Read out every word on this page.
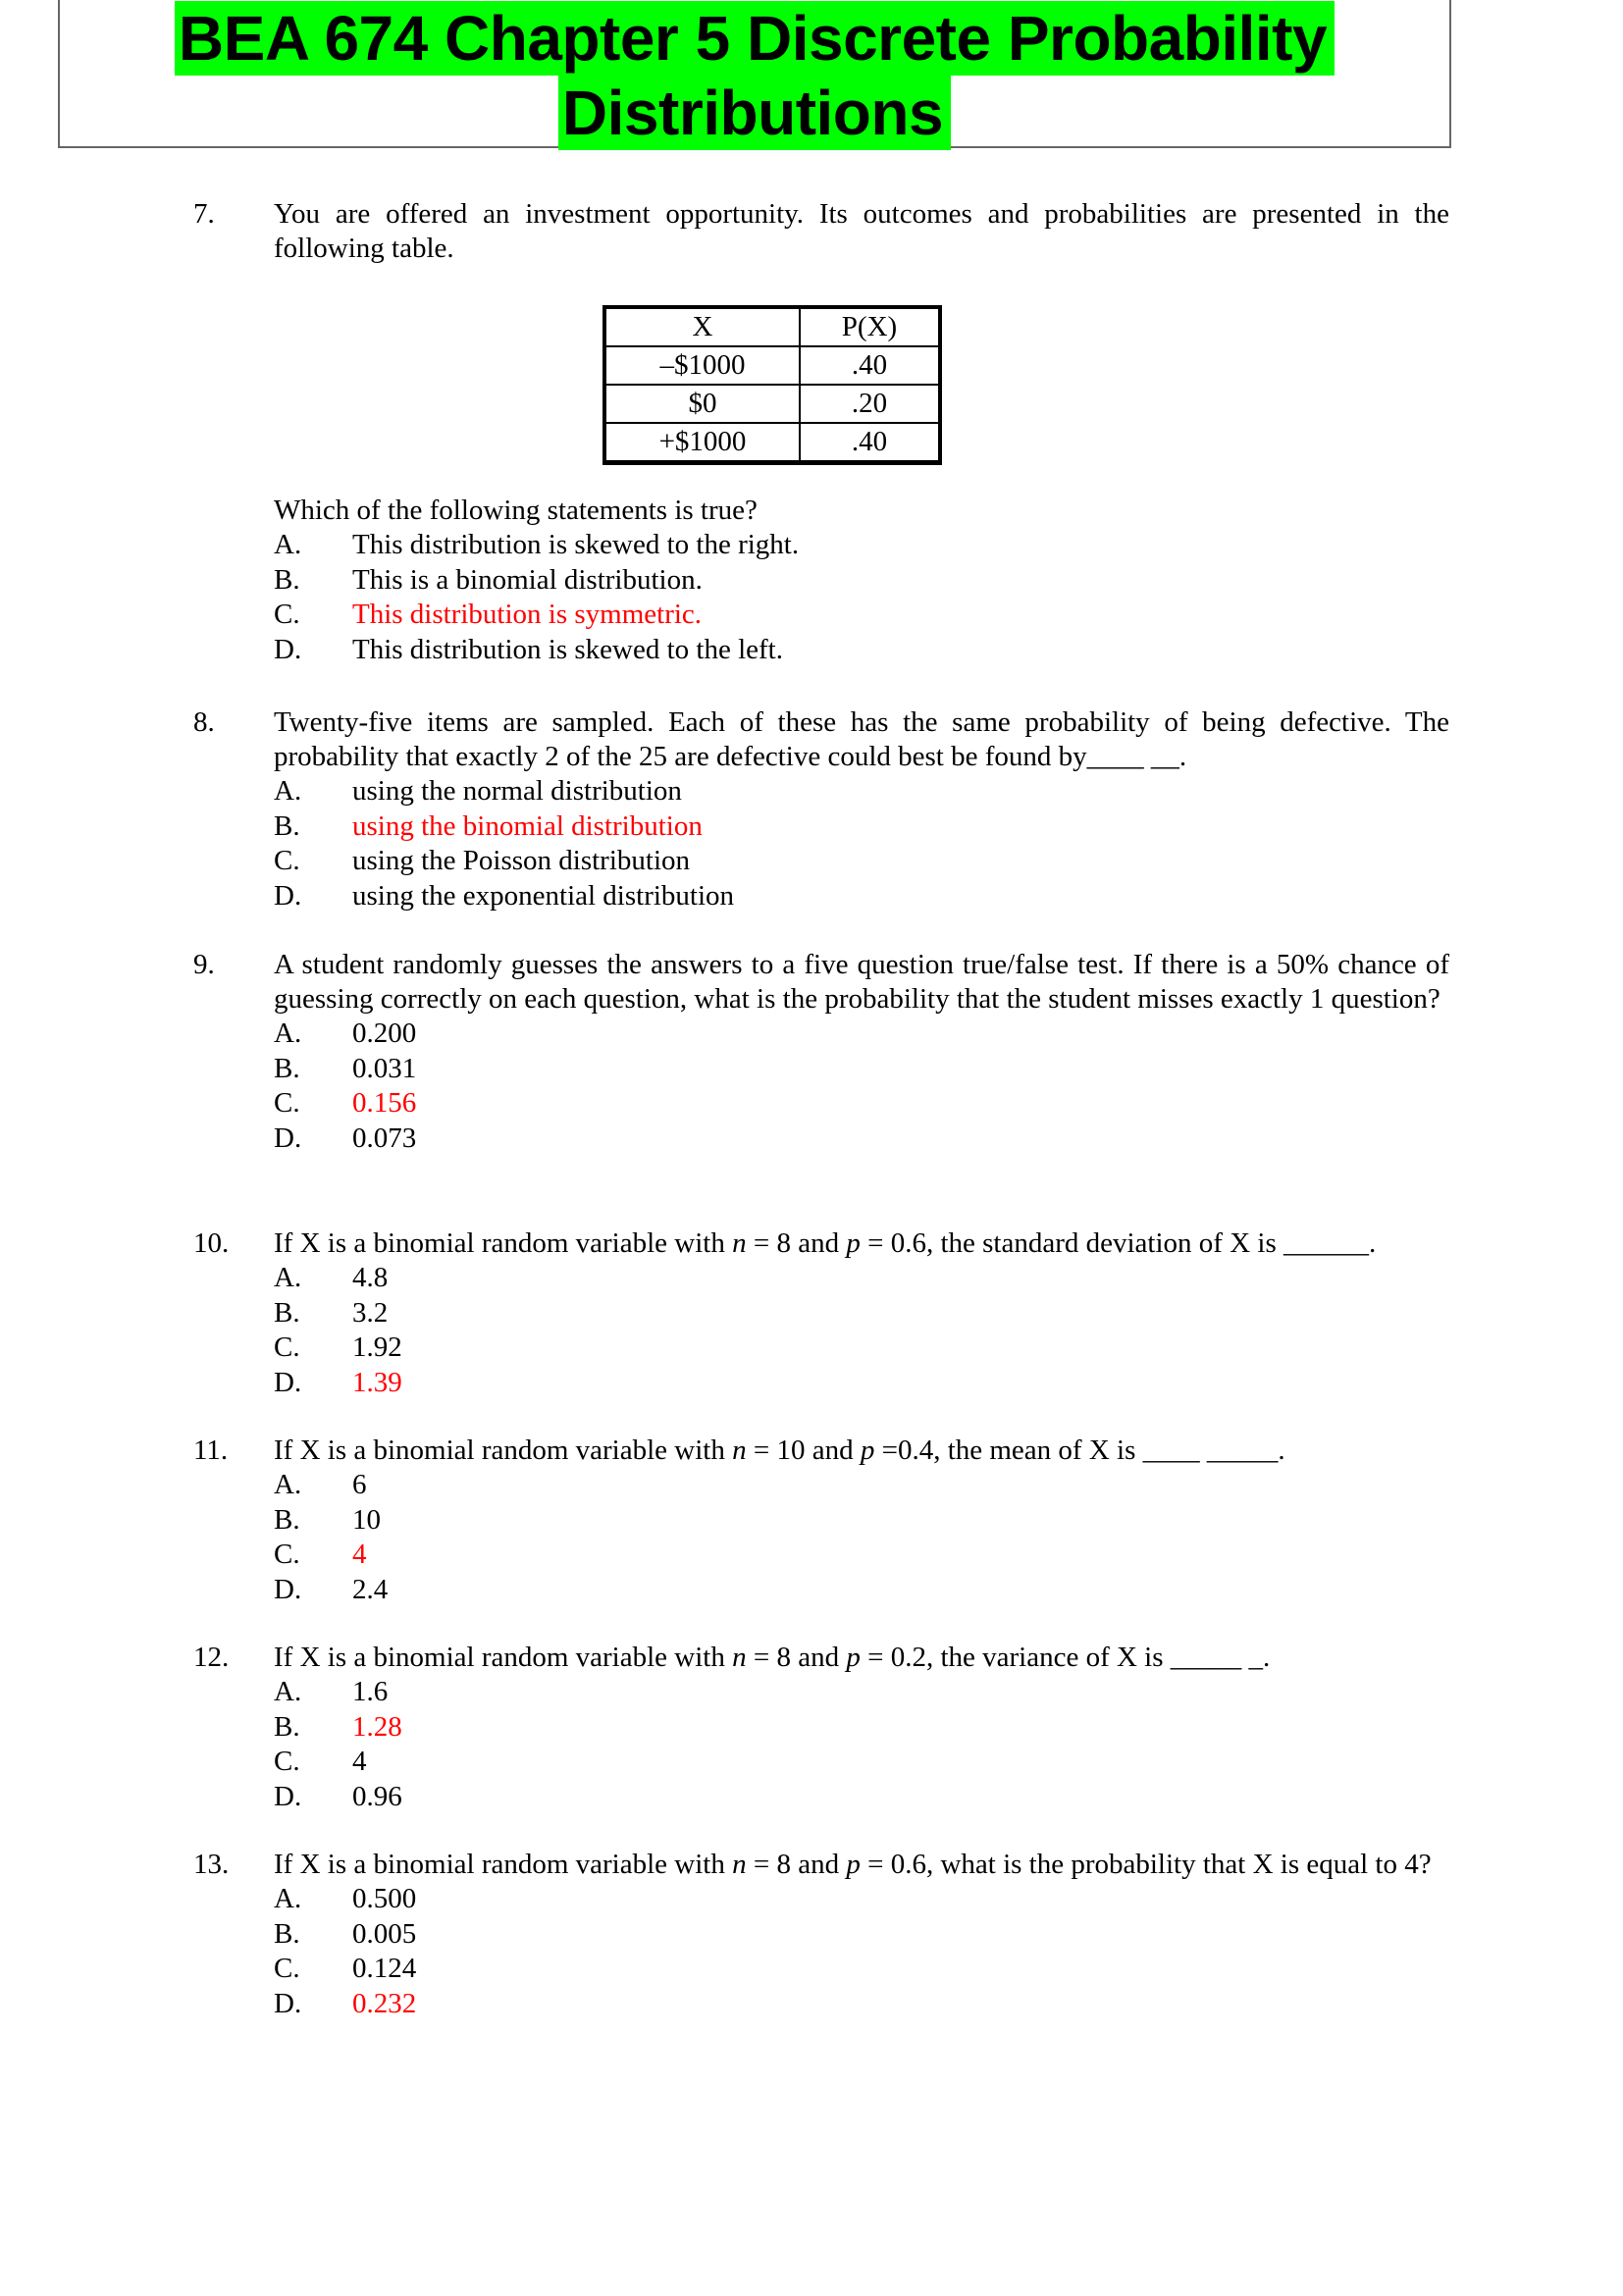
BEA 674 Chapter 5 Discrete Probability
Distributions
7.	You are offered an investment opportunity. Its outcomes and probabilities are presented in the following table.
X	P(X)
–$1000	.40
$0	.20
+$1000	.40
Which of the following statements is true?
A. This distribution is skewed to the right.
B. This is a binomial distribution.
C. This distribution is symmetric.
D. This distribution is skewed to the left.
8.	Twenty-five items are sampled. Each of these has the same probability of being defective. The probability that exactly 2 of the 25 are defective could best be found by____ __.
A. using the normal distribution
B. using the binomial distribution
C. using the Poisson distribution
D. using the exponential distribution
9.	A student randomly guesses the answers to a five question true/false test. If there is a 50% chance of guessing correctly on each question, what is the probability that the student misses exactly 1 question?
A. 0.200
B. 0.031
C. 0.156
D. 0.073
10.	If X is a binomial random variable with n = 8 and p = 0.6, the standard deviation of X is ______.
A. 4.8
B. 3.2
C. 1.92
D. 1.39
11.	If X is a binomial random variable with n = 10 and p =0.4, the mean of X is ____ _____.
A. 6
B. 10
C. 4
D. 2.4
12.	If X is a binomial random variable with n = 8 and p = 0.2, the variance of X is _____ _.
A. 1.6
B. 1.28
C. 4
D. 0.96
13.	If X is a binomial random variable with n = 8 and p = 0.6, what is the probability that X is equal to 4?
A. 0.500
B. 0.005
C. 0.124
D. 0.232
